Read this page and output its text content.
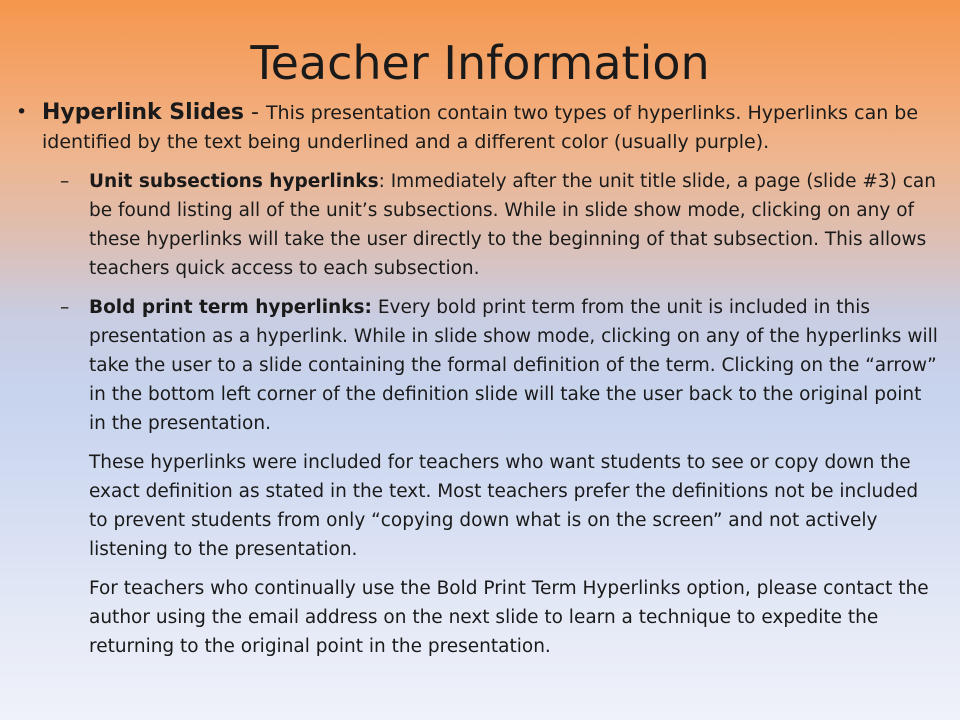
Teacher Information
• Hyperlink Slides - This presentation contain two types of hyperlinks. Hyperlinks can be identified by the text being underlined and a different color (usually purple).
– Unit subsections hyperlinks: Immediately after the unit title slide, a page (slide #3) can be found listing all of the unit’s subsections. While in slide show mode, clicking on any of these hyperlinks will take the user directly to the beginning of that subsection. This allows teachers quick access to each subsection.
– Bold print term hyperlinks: Every bold print term from the unit is included in this presentation as a hyperlink. While in slide show mode, clicking on any of the hyperlinks will take the user to a slide containing the formal definition of the term. Clicking on the “arrow” in the bottom left corner of the definition slide will take the user back to the original point in the presentation.
These hyperlinks were included for teachers who want students to see or copy down the exact definition as stated in the text. Most teachers prefer the definitions not be included to prevent students from only “copying down what is on the screen” and not actively listening to the presentation.
For teachers who continually use the Bold Print Term Hyperlinks option, please contact the author using the email address on the next slide to learn a technique to expedite the returning to the original point in the presentation.
